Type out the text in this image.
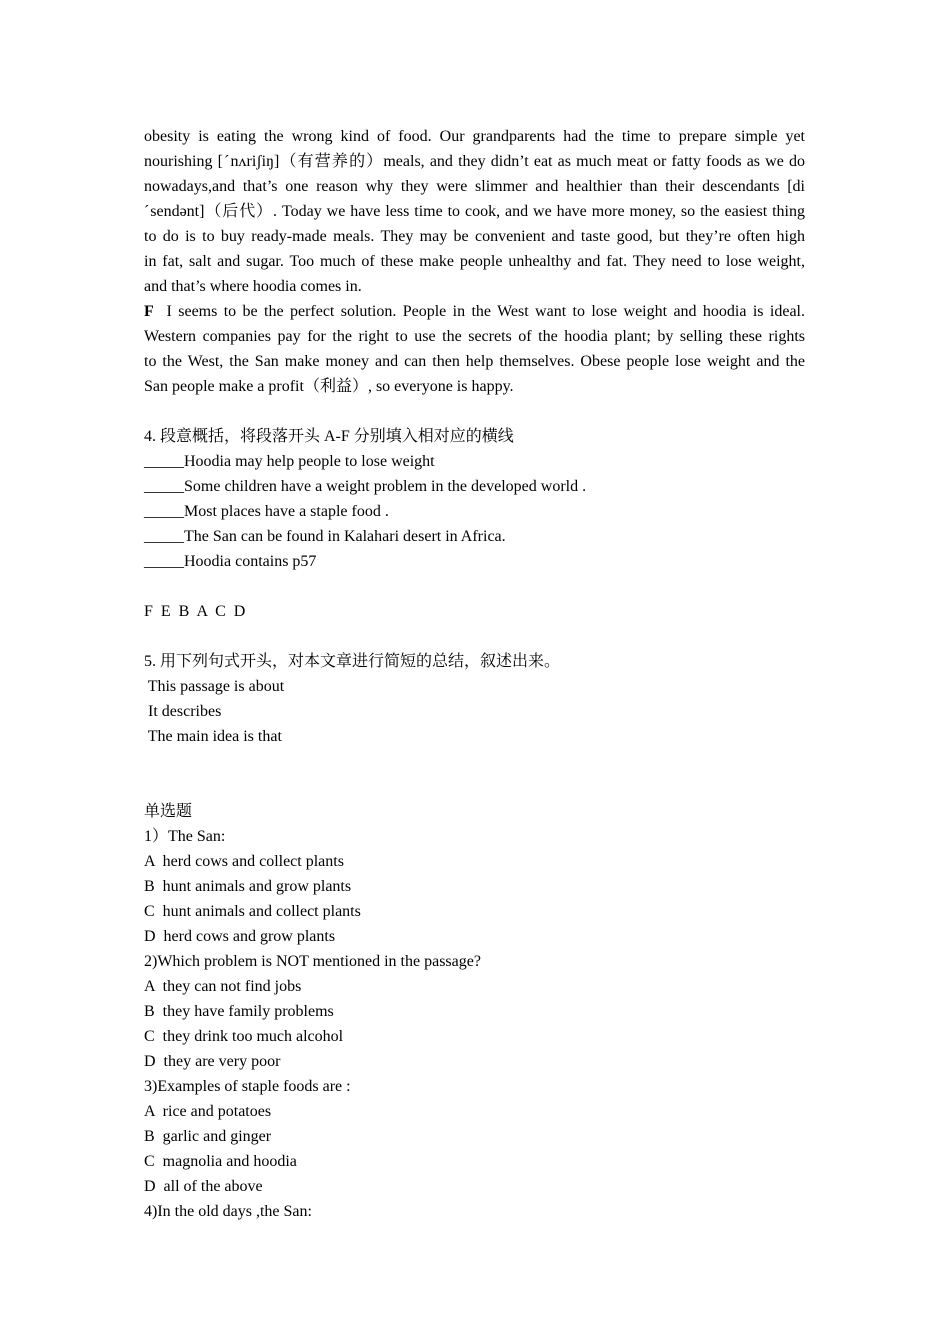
obesity is eating the wrong kind of food. Our grandparents had the time to prepare simple yet
nourishing [ˊnʌriʃiŋ]（有营养的）meals, and they didn’t eat as much meat or fatty foods as we do
nowadays,and that’s one reason why they were slimmer and healthier than their descendants [di
ˊsendənt]（后代）. Today we have less time to cook, and we have more money, so the easiest thing
to do is to buy ready-made meals. They may be convenient and taste good, but they’re often high
in fat, salt and sugar. Too much of these make people unhealthy and fat. They need to lose weight,
and that’s where hoodia comes in.
F I seems to be the perfect solution. People in the West want to lose weight and hoodia is ideal.
Western companies pay for the right to use the secrets of the hoodia plant; by selling these rights
to the West, the San make money and can then help themselves. Obese people lose weight and the
San people make a profit（利益）, so everyone is happy.
4. 段意概括，将段落开头 A-F 分别填入相对应的横线
_____Hoodia may help people to lose weight
_____Some children have a weight problem in the developed world .
_____Most places have a staple food .
_____The San can be found in Kalahari desert in Africa.
_____Hoodia contains p57
F  E  B  A  C  D
5. 用下列句式开头，对本文章进行简短的总结，叙述出来。
This passage is about
It describes
The main idea is that
单选题
1）The San:
A  herd cows and collect plants
B  hunt animals and grow plants
C  hunt animals and collect plants
D  herd cows and grow plants
2)Which problem is NOT mentioned in the passage?
A  they can not find jobs
B  they have family problems
C  they drink too much alcohol
D  they are very poor
3)Examples of staple foods are :
A  rice and potatoes
B  garlic and ginger
C  magnolia and hoodia
D  all of the above
4)In the old days ,the San:
